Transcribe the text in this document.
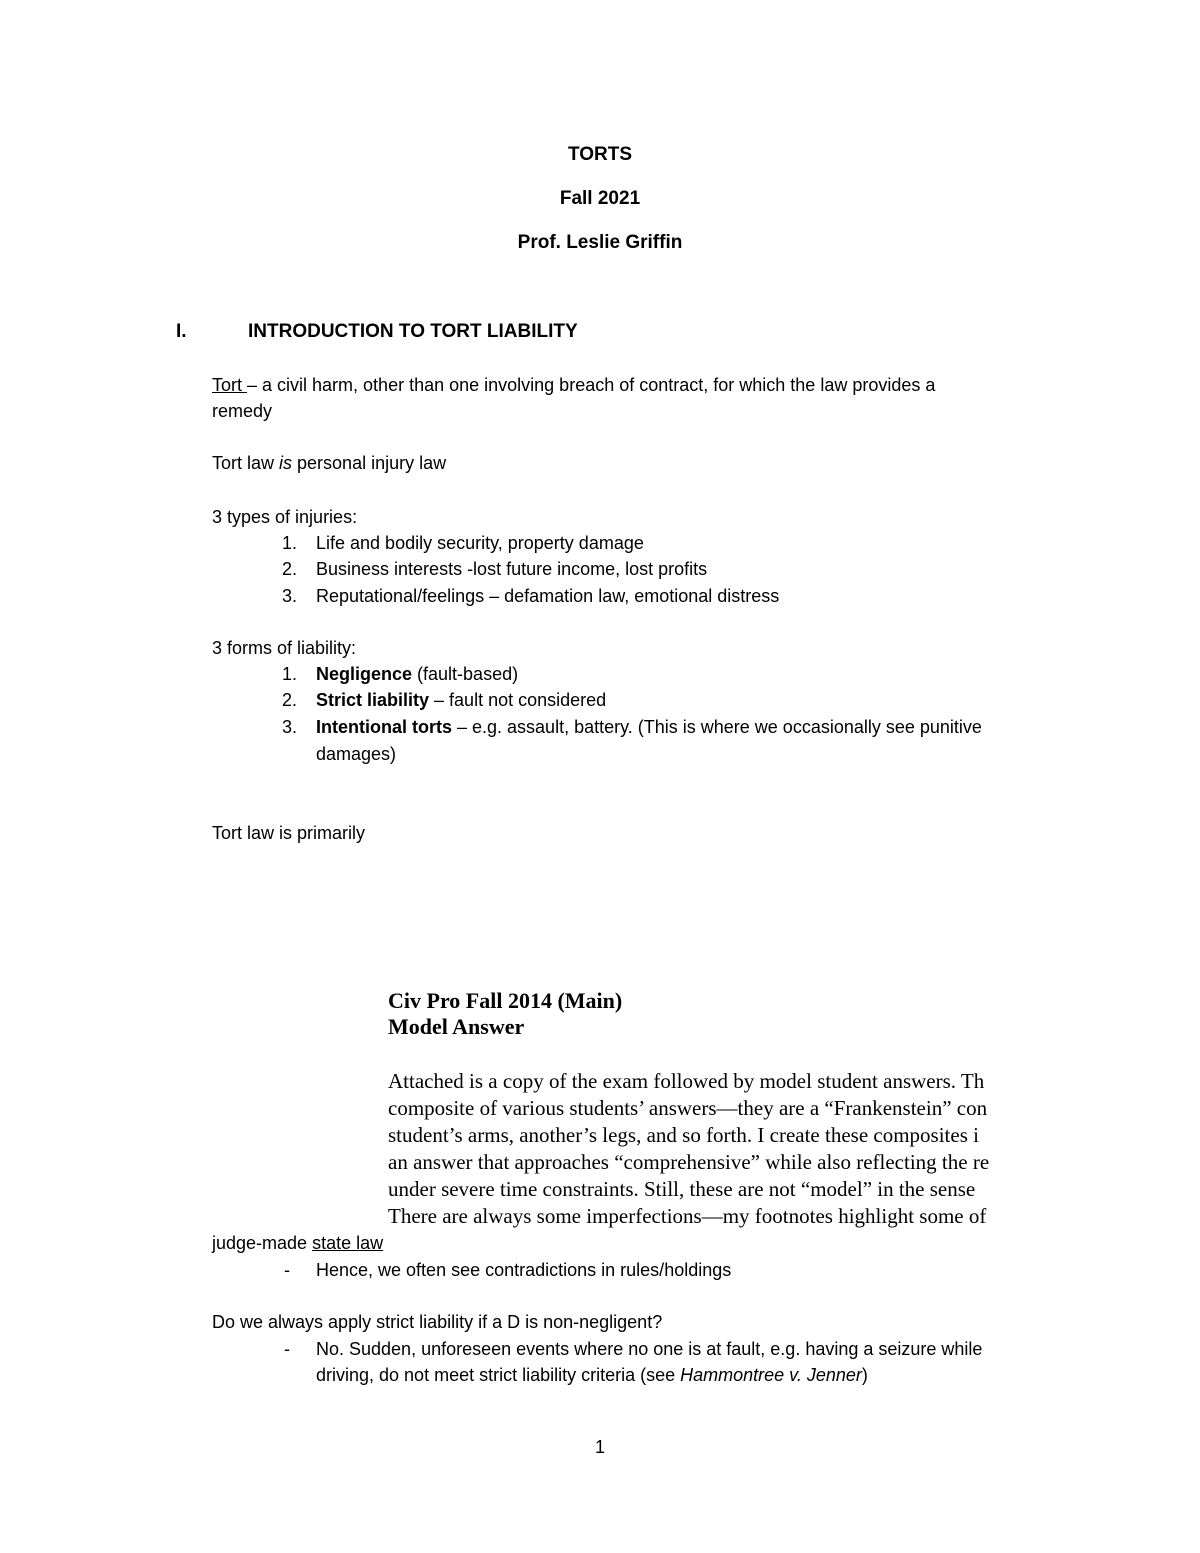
TORTS
Fall 2021
Prof. Leslie Griffin
I.	INTRODUCTION TO TORT LIABILITY
Tort – a civil harm, other than one involving breach of contract, for which the law provides a
remedy
Tort law is personal injury law
3 types of injuries:
1. Life and bodily security, property damage
2. Business interests -lost future income, lost profits
3. Reputational/feelings – defamation law, emotional distress
3 forms of liability:
1. Negligence (fault-based)
2. Strict liability – fault not considered
3. Intentional torts – e.g. assault, battery. (This is where we occasionally see punitive
damages)
Tort law is primarily
Civ Pro Fall 2014 (Main)
Model Answer
Attached is a copy of the exam followed by model student answers. Th
composite of various students’ answers—they are a “Frankenstein” con
student’s arms, another’s legs, and so forth. I create these composites i
an answer that approaches “comprehensive” while also reflecting the re
under severe time constraints. Still, these are not “model” in the sense
There are always some imperfections—my footnotes highlight some of
judge-made state law
- Hence, we often see contradictions in rules/holdings
Do we always apply strict liability if a D is non-negligent?
- No. Sudden, unforeseen events where no one is at fault, e.g. having a seizure while
driving, do not meet strict liability criteria (see Hammontree v. Jenner)
1
